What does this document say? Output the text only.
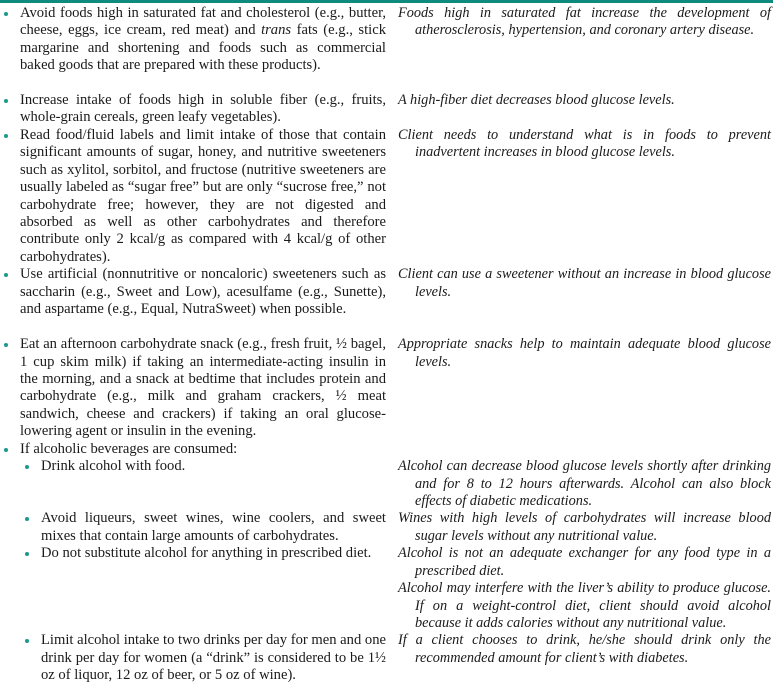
Avoid foods high in saturated fat and cholesterol (e.g., butter, cheese, eggs, ice cream, red meat) and trans fats (e.g., stick margarine and shortening and foods such as commercial baked goods that are prepared with these products).
Foods high in saturated fat increase the development of atherosclerosis, hypertension, and coronary artery disease.
Increase intake of foods high in soluble fiber (e.g., fruits, whole-grain cereals, green leafy vegetables).
A high-fiber diet decreases blood glucose levels.
Read food/fluid labels and limit intake of those that contain significant amounts of sugar, honey, and nutritive sweeteners such as xylitol, sorbitol, and fructose (nutritive sweeteners are usually labeled as “sugar free” but are only “sucrose free,” not carbohydrate free; however, they are not digested and absorbed as well as other carbohydrates and therefore contribute only 2 kcal/g as compared with 4 kcal/g of other carbohydrates).
Client needs to understand what is in foods to prevent inadvertent increases in blood glucose levels.
Use artificial (nonnutritive or noncaloric) sweeteners such as saccharin (e.g., Sweet and Low), acesulfame (e.g., Sunette), and aspartame (e.g., Equal, NutraSweet) when possible.
Client can use a sweetener without an increase in blood glucose levels.
Eat an afternoon carbohydrate snack (e.g., fresh fruit, ½ bagel, 1 cup skim milk) if taking an intermediate-acting insulin in the morning, and a snack at bedtime that includes protein and carbohydrate (e.g., milk and graham crackers, ½ meat sandwich, cheese and crackers) if taking an oral glucose-lowering agent or insulin in the evening.
Appropriate snacks help to maintain adequate blood glucose levels.
If alcoholic beverages are consumed:
Drink alcohol with food.	Alcohol can decrease blood glucose levels shortly after drinking and for 8 to 12 hours afterwards. Alcohol can also block effects of diabetic medications.
Avoid liqueurs, sweet wines, wine coolers, and sweet mixes that contain large amounts of carbohydrates.
Wines with high levels of carbohydrates will increase blood sugar levels without any nutritional value.
Do not substitute alcohol for anything in prescribed diet.	Alcohol is not an adequate exchanger for any food type in a prescribed diet.
Alcohol may interfere with the liver’s ability to produce glucose. If on a weight-control diet, client should avoid alcohol because it adds calories without any nutritional value.
Limit alcohol intake to two drinks per day for men and one drink per day for women (a “drink” is considered to be 1½ oz of liquor, 12 oz of beer, or 5 oz of wine).
If a client chooses to drink, he/she should drink only the recommended amount for client’s with diabetes.
